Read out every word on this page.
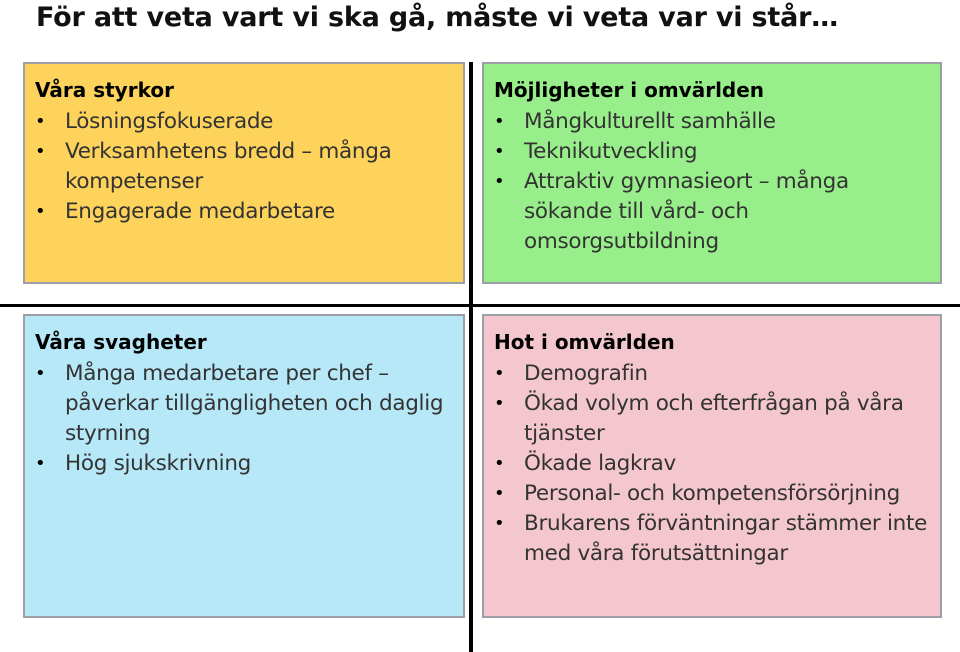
För att veta vart vi ska gå, måste vi veta var vi står…
Våra styrkor
• Lösningsfokuserade
• Verksamhetens bredd – många kompetenser
• Engagerade medarbetare
Möjligheter i omvärlden
• Mångkulturellt samhälle
• Teknikutveckling
• Attraktiv gymnasieort – många sökande till vård- och omsorgsutbildning
Våra svagheter
• Många medarbetare per chef – påverkar tillgängligheten och daglig styrning
• Hög sjukskrivning
Hot i omvärlden
• Demografin
• Ökad volym och efterfrågan på våra tjänster
• Ökade lagkrav
• Personal- och kompetensförsörjning
• Brukarens förväntningar stämmer inte med våra förutsättningar
